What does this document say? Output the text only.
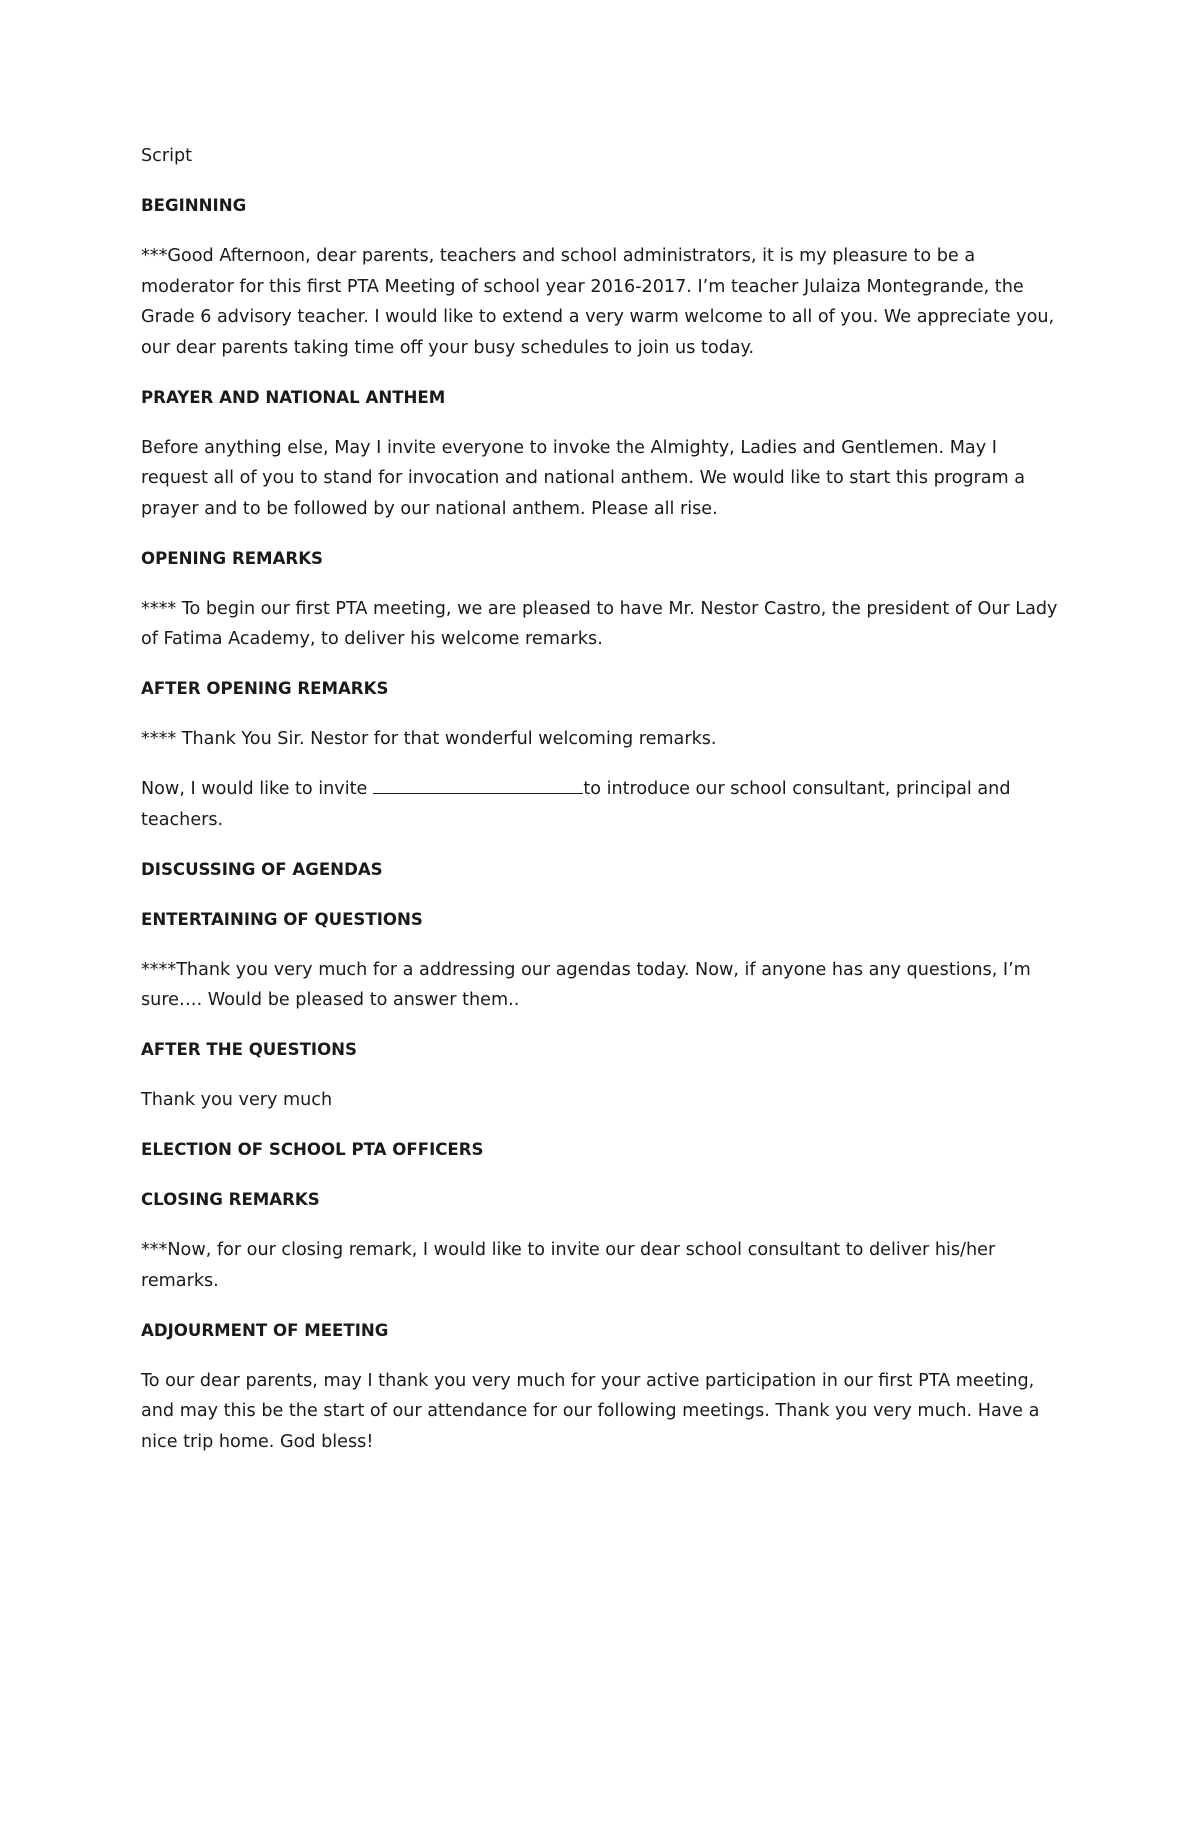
Script

BEGINNING

***Good Afternoon, dear parents, teachers and school administrators, it is my pleasure to be a moderator for this first PTA Meeting of school year 2016-2017. I’m teacher Julaiza Montegrande, the Grade 6 advisory teacher. I would like to extend a very warm welcome to all of you. We appreciate you, our dear parents taking time off your busy schedules to join us today.

PRAYER AND NATIONAL ANTHEM

Before anything else, May I invite everyone to invoke the Almighty, Ladies and Gentlemen. May I request all of you to stand for invocation and national anthem. We would like to start this program a prayer and to be followed by our national anthem. Please all rise.

OPENING REMARKS

**** To begin our first PTA meeting, we are pleased to have Mr. Nestor Castro, the president of Our Lady of Fatima Academy, to deliver his welcome remarks.

AFTER OPENING REMARKS

**** Thank You Sir. Nestor for that wonderful welcoming remarks.

Now, I would like to invite	to introduce our school consultant, principal and teachers.

DISCUSSING OF AGENDAS

ENTERTAINING OF QUESTIONS

****Thank you very much for a addressing our agendas today. Now, if anyone has any questions, I’m sure…. Would be pleased to answer them..

AFTER THE QUESTIONS

Thank you very much

ELECTION OF SCHOOL PTA OFFICERS

CLOSING REMARKS

***Now, for our closing remark, I would like to invite our dear school consultant to deliver his/her remarks.

ADJOURMENT OF MEETING

To our dear parents, may I thank you very much for your active participation in our first PTA meeting, and may this be the start of our attendance for our following meetings. Thank you very much. Have a nice trip home. God bless!
